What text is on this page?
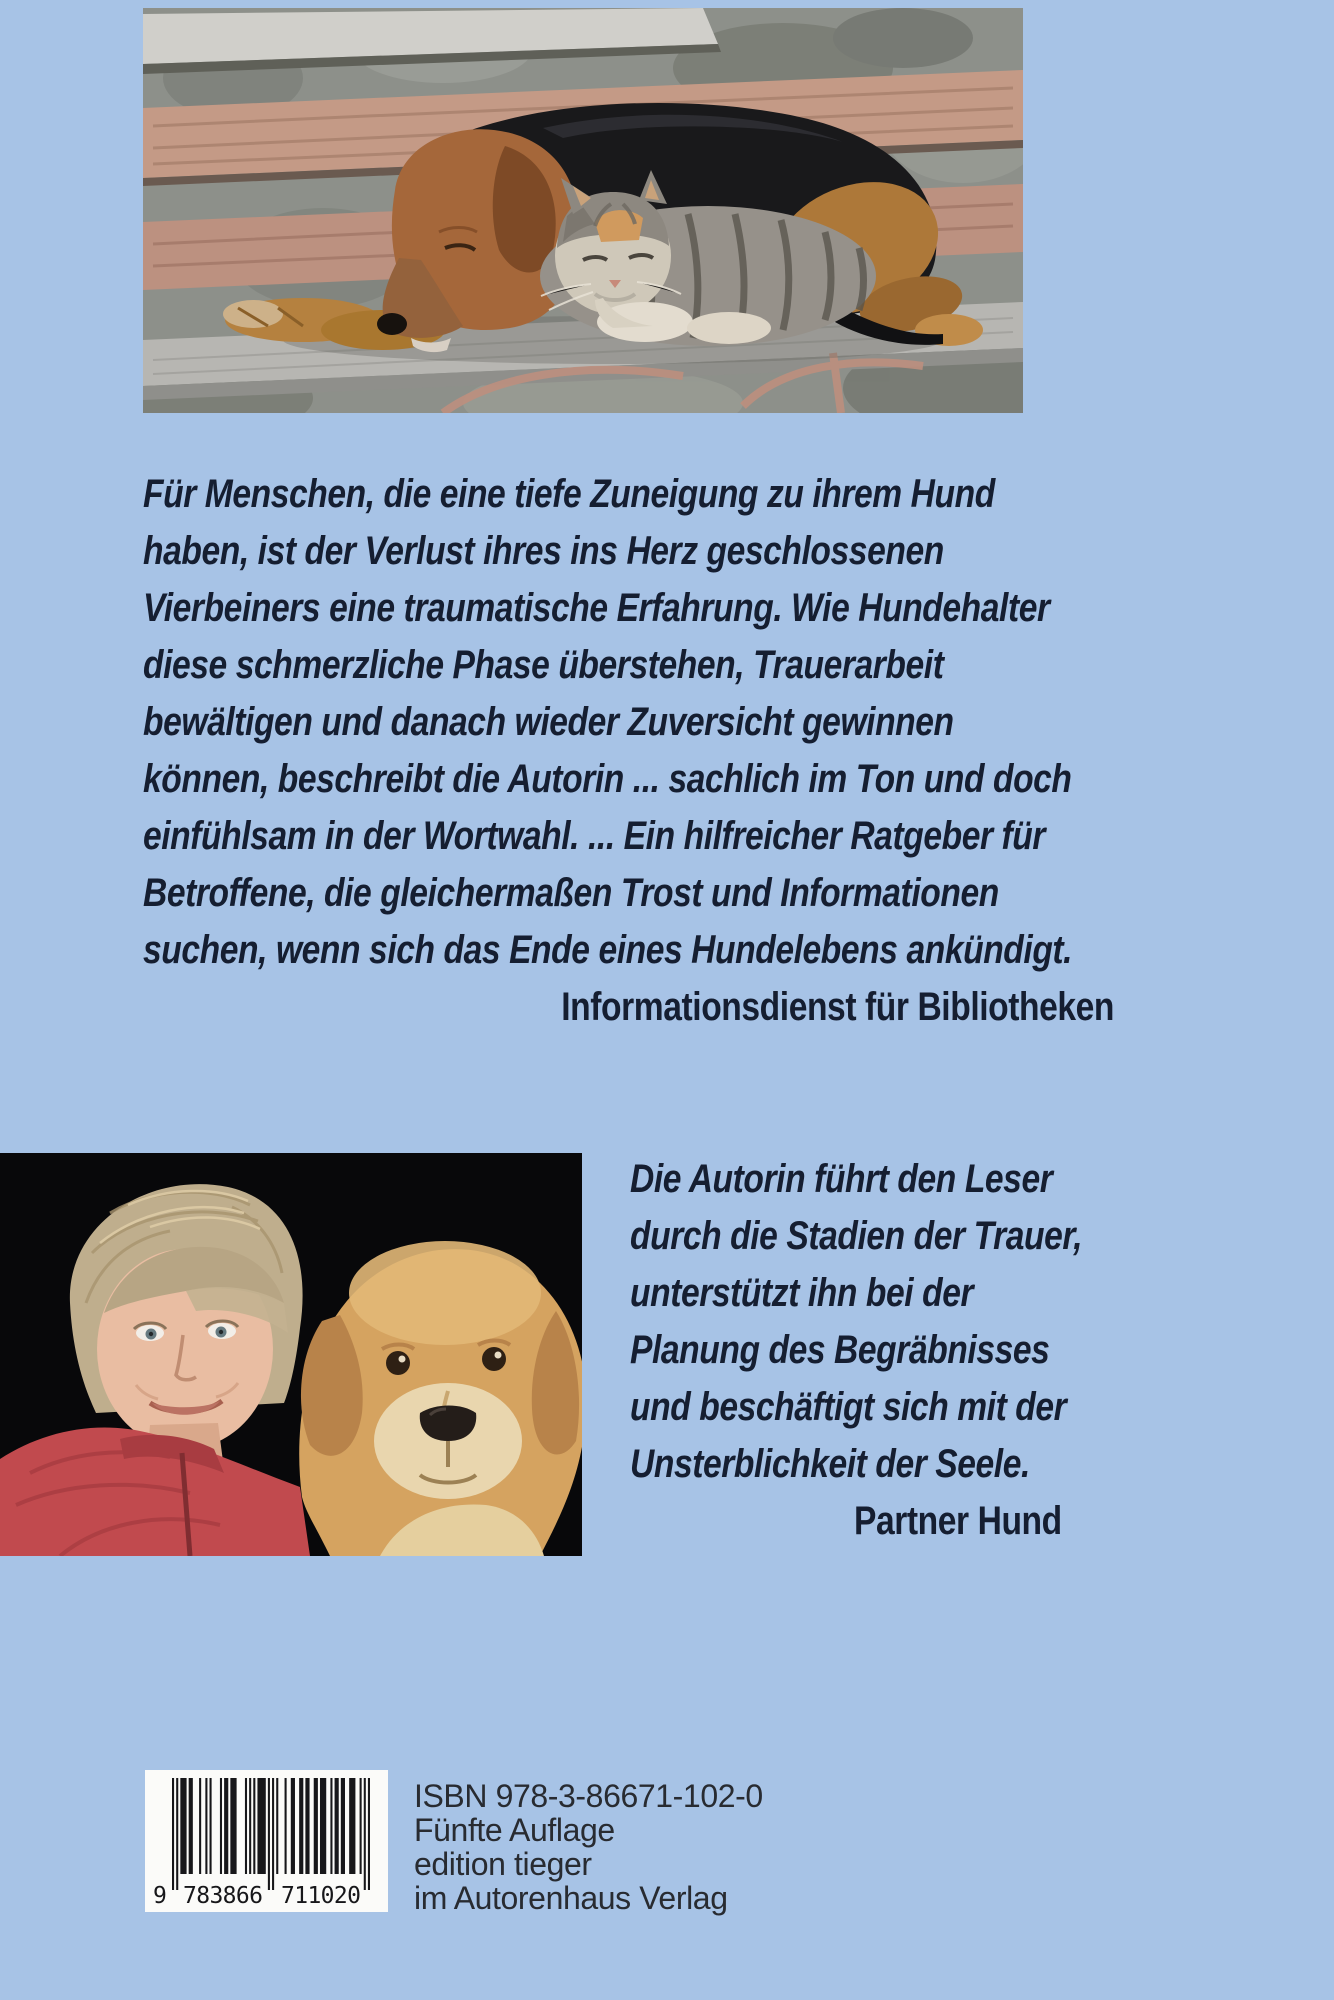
Für Menschen, die eine tiefe Zuneigung zu ihrem Hund
haben, ist der Verlust ihres ins Herz geschlossenen
Vierbeiners eine traumatische Erfahrung. Wie Hundehalter
diese schmerzliche Phase überstehen, Trauerarbeit
bewältigen und danach wieder Zuversicht gewinnen
können, beschreibt die Autorin ... sachlich im Ton und doch
einfühlsam in der Wortwahl. ... Ein hilfreicher Ratgeber für
Betroffene, die gleichermaßen Trost und Informationen
suchen, wenn sich das Ende eines Hundelebens ankündigt.
Informationsdienst für Bibliotheken
Die Autorin führt den Leser
durch die Stadien der Trauer,
unterstützt ihn bei der
Planung des Begräbnisses
und beschäftigt sich mit der
Unsterblichkeit der Seele.
Partner Hund
9 783866 711020
ISBN 978-3-86671-102-0
Fünfte Auflage
edition tieger
im Autorenhaus Verlag
